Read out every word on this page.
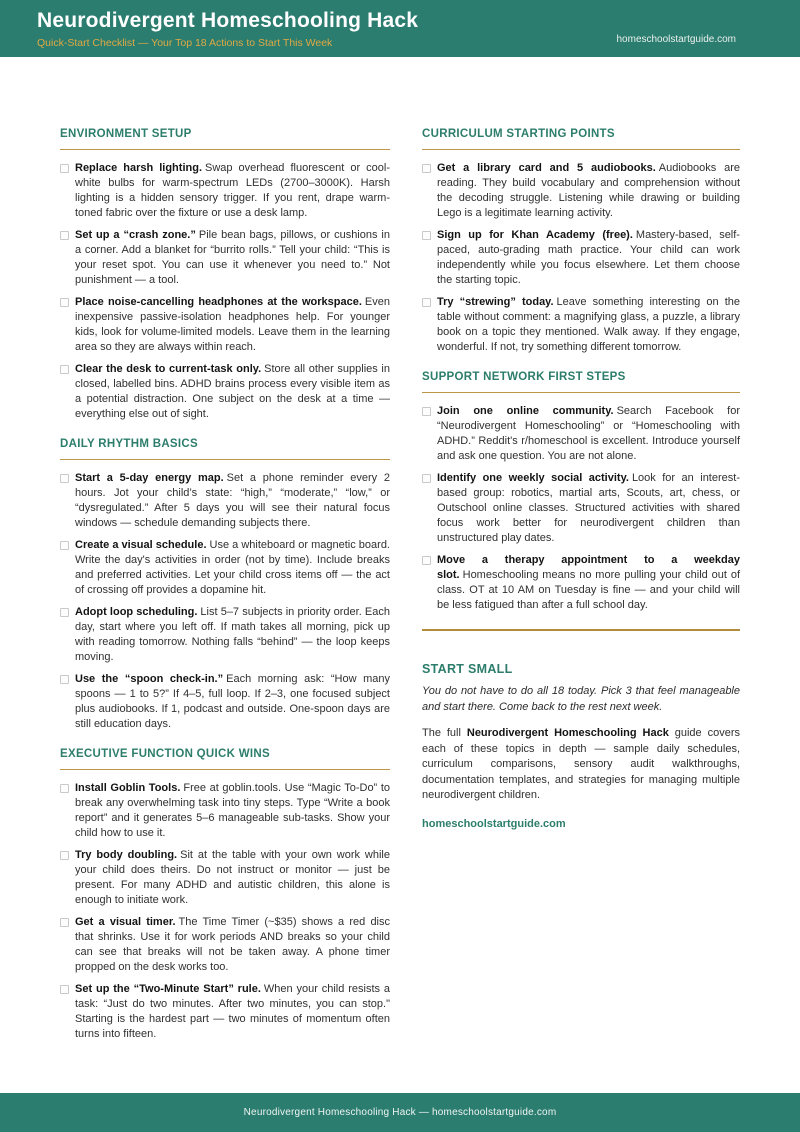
Neurodivergent Homeschooling Hack
Quick-Start Checklist — Your Top 18 Actions to Start This Week	homeschoolstartguide.com
ENVIRONMENT SETUP

Replace harsh lighting. Swap overhead fluorescent or cool-white bulbs for warm-spectrum LEDs (2700–3000K). Harsh lighting is a hidden sensory trigger. If you rent, drape warm-toned fabric over the fixture or use a desk lamp.

Set up a “crash zone.” Pile bean bags, pillows, or cushions in a corner. Add a blanket for “burrito rolls.” Tell your child: “This is your reset spot. You can use it whenever you need to.” Not punishment — a tool.

Place noise-cancelling headphones at the workspace. Even inexpensive passive-isolation headphones help. For younger kids, look for volume-limited models. Leave them in the learning area so they are always within reach.

Clear the desk to current-task only. Store all other supplies in closed, labelled bins. ADHD brains process every visible item as a potential distraction. One subject on the desk at a time — everything else out of sight.

DAILY RHYTHM BASICS

Start a 5-day energy map. Set a phone reminder every 2 hours. Jot your child’s state: “high,” “moderate,” “low,” or “dysregulated.” After 5 days you will see their natural focus windows — schedule demanding subjects there.

Create a visual schedule. Use a whiteboard or magnetic board. Write the day's activities in order (not by time). Include breaks and preferred activities. Let your child cross items off — the act of crossing off provides a dopamine hit.

Adopt loop scheduling. List 5–7 subjects in priority order. Each day, start where you left off. If math takes all morning, pick up with reading tomorrow. Nothing falls “behind” — the loop keeps moving.

Use the “spoon check-in.” Each morning ask: “How many spoons — 1 to 5?” If 4–5, full loop. If 2–3, one focused subject plus audiobooks. If 1, podcast and outside. One-spoon days are still education days.

EXECUTIVE FUNCTION QUICK WINS

Install Goblin Tools. Free at goblin.tools. Use “Magic To-Do” to break any overwhelming task into tiny steps. Type “Write a book report” and it generates 5–6 manageable sub-tasks. Show your child how to use it.

Try body doubling. Sit at the table with your own work while your child does theirs. Do not instruct or monitor — just be present. For many ADHD and autistic children, this alone is enough to initiate work.

Get a visual timer. The Time Timer (~$35) shows a red disc that shrinks. Use it for work periods AND breaks so your child can see that breaks will not be taken away. A phone timer propped on the desk works too.

Set up the “Two-Minute Start” rule. When your child resists a task: “Just do two minutes. After two minutes, you can stop." Starting is the hardest part — two minutes of momentum often turns into fifteen.

CURRICULUM STARTING POINTS

Get a library card and 5 audiobooks. Audiobooks are reading. They build vocabulary and comprehension without the decoding struggle. Listening while drawing or building Lego is a legitimate learning activity.

Sign up for Khan Academy (free). Mastery-based, self-paced, auto-grading math practice. Your child can work independently while you focus elsewhere. Let them choose the starting topic.

Try “strewing” today. Leave something interesting on the table without comment: a magnifying glass, a puzzle, a library book on a topic they mentioned. Walk away. If they engage, wonderful. If not, try something different tomorrow.

SUPPORT NETWORK FIRST STEPS

Join one online community. Search Facebook for “Neurodivergent Homeschooling” or “Homeschooling with ADHD.” Reddit's r/homeschool is excellent. Introduce yourself and ask one question. You are not alone.

Identify one weekly social activity. Look for an interest-based group: robotics, martial arts, Scouts, art, chess, or Outschool online classes. Structured activities with shared focus work better for neurodivergent children than unstructured play dates.

Move a therapy appointment to a weekday slot. Homeschooling means no more pulling your child out of class. OT at 10 AM on Tuesday is fine — and your child will be less fatigued than after a full school day.

START SMALL

You do not have to do all 18 today. Pick 3 that feel manageable and start there. Come back to the rest next week.

The full Neurodivergent Homeschooling Hack guide covers each of these topics in depth — sample daily schedules, curriculum comparisons, sensory audit walkthroughs, documentation templates, and strategies for managing multiple neurodivergent children.

homeschoolstartguide.com
Neurodivergent Homeschooling Hack — homeschoolstartguide.com
